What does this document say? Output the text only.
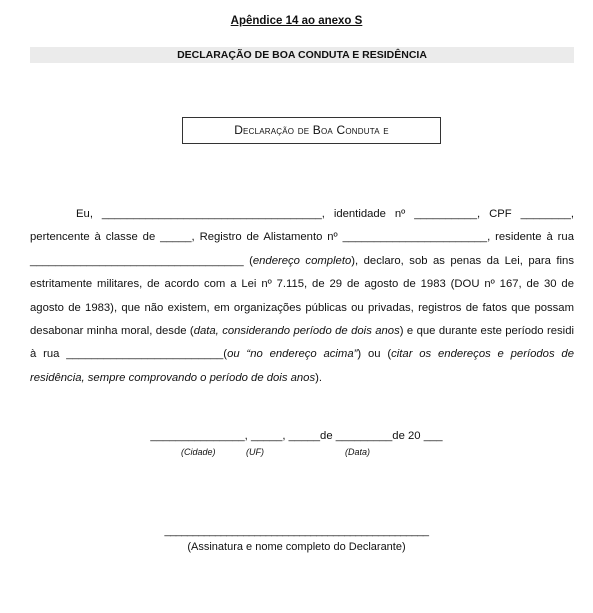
Apêndice 14 ao anexo S
DECLARAÇÃO DE BOA CONDUTA E RESIDÊNCIA
Declaração de Boa Conduta e
Eu, ___________________________________, identidade nº __________, CPF ________, pertencente à classe de _____, Registro de Alistamento nº _______________________, residente à rua __________________________________ (endereço completo), declaro, sob as penas da Lei, para fins estritamente militares, de acordo com a Lei nº 7.115, de 29 de agosto de 1983 (DOU nº 167, de 30 de agosto de 1983), que não existem, em organizações públicas ou privadas, registros de fatos que possam desabonar minha moral, desde (data, considerando período de dois anos) e que durante este período residi à rua _________________________(ou “no endereço acima”) ou (citar os endereços e períodos de residência, sempre comprovando o período de dois anos).
_______________, _____, _____de _________de 20 ___
(Cidade)	(UF)	(Data)
_______________________________________________
(Assinatura e nome completo do Declarante)
